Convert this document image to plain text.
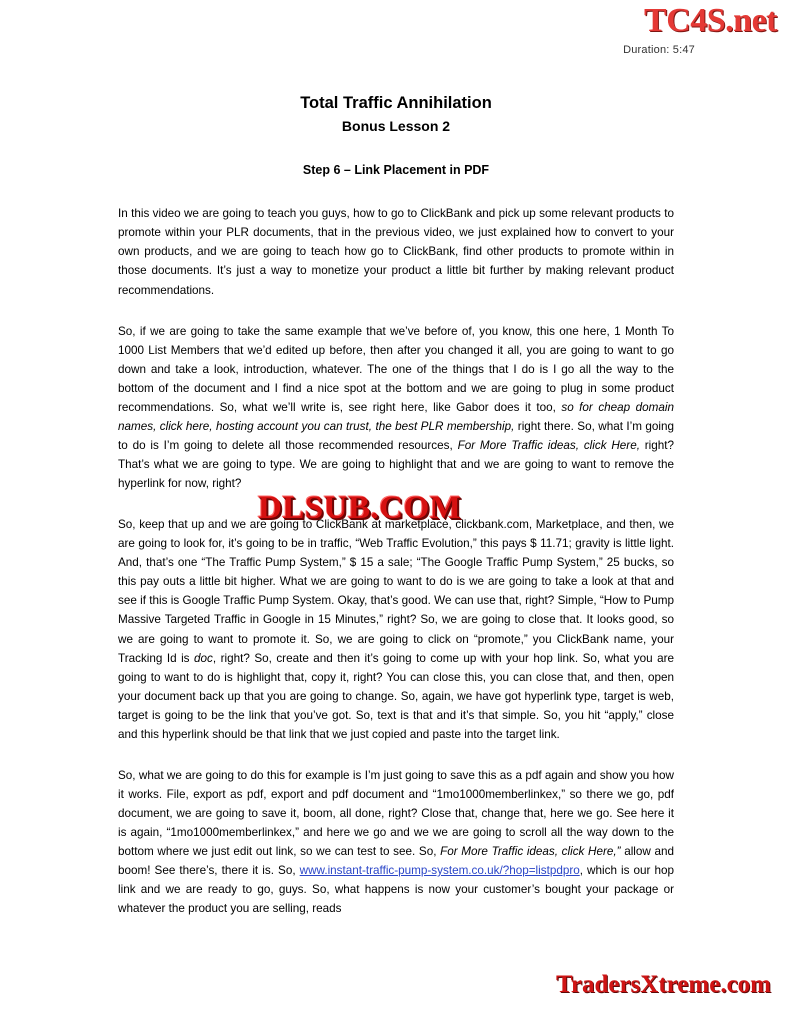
TC4S.net
Duration: 5:47
Total Traffic Annihilation
Bonus Lesson 2
Step 6 – Link Placement in PDF

In this video we are going to teach you guys, how to go to ClickBank and pick up some relevant products to promote within your PLR documents, that in the previous video, we just explained how to convert to your own products, and we are going to teach how go to ClickBank, find other products to promote within in those documents. It’s just a way to monetize your product a little bit further by making relevant product recommendations.

So, if we are going to take the same example that we’ve before of, you know, this one here, 1 Month To 1000 List Members that we’d edited up before, then after you changed it all, you are going to want to go down and take a look, introduction, whatever. The one of the things that I do is I go all the way to the bottom of the document and I find a nice spot at the bottom and we are going to plug in some product recommendations. So, what we’ll write is, see right here, like Gabor does it too, so for cheap domain names, click here, hosting account you can trust, the best PLR membership, right there. So, what I’m going to do is I’m going to delete all those recommended resources, For More Traffic ideas, click Here, right? That’s what we are going to type. We are going to highlight that and we are going to want to remove the hyperlink for now, right?

So, keep that up and we are going to ClickBank at marketplace, clickbank.com, Marketplace, and then, we are going to look for, it’s going to be in traffic, “Web Traffic Evolution,” this pays $ 11.71; gravity is little light. And, that’s one “The Traffic Pump System,” $ 15 a sale; “The Google Traffic Pump System,” 25 bucks, so this pay outs a little bit higher. What we are going to want to do is we are going to take a look at that and see if this is Google Traffic Pump System. Okay, that’s good. We can use that, right? Simple, “How to Pump Massive Targeted Traffic in Google in 15 Minutes,” right? So, we are going to close that. It looks good, so we are going to want to promote it. So, we are going to click on “promote,” you ClickBank name, your Tracking Id is doc, right? So, create and then it’s going to come up with your hop link. So, what you are going to want to do is highlight that, copy it, right? You can close this, you can close that, and then, open your document back up that you are going to change. So, again, we have got hyperlink type, target is web, target is going to be the link that you’ve got. So, text is that and it’s that simple. So, you hit “apply,” close and this hyperlink should be that link that we just copied and paste into the target link.

So, what we are going to do this for example is I’m just going to save this as a pdf again and show you how it works. File, export as pdf, export and pdf document and “1mo1000memberlinkex,” so there we go, pdf document, we are going to save it, boom, all done, right? Close that, change that, here we go. See here it is again, “1mo1000memberlinkex,” and here we go and we we are going to scroll all the way down to the bottom where we just edit out link, so we can test to see. So, For More Traffic ideas, click Here,” allow and boom! See there’s, there it is. So, www.instant-traffic-pump-system.co.uk/?hop=listpdpro, which is our hop link and we are ready to go, guys. So, what happens is now your customer’s bought your package or whatever the product you are selling, reads

DLSUB.COM
TradersXtreme.com
